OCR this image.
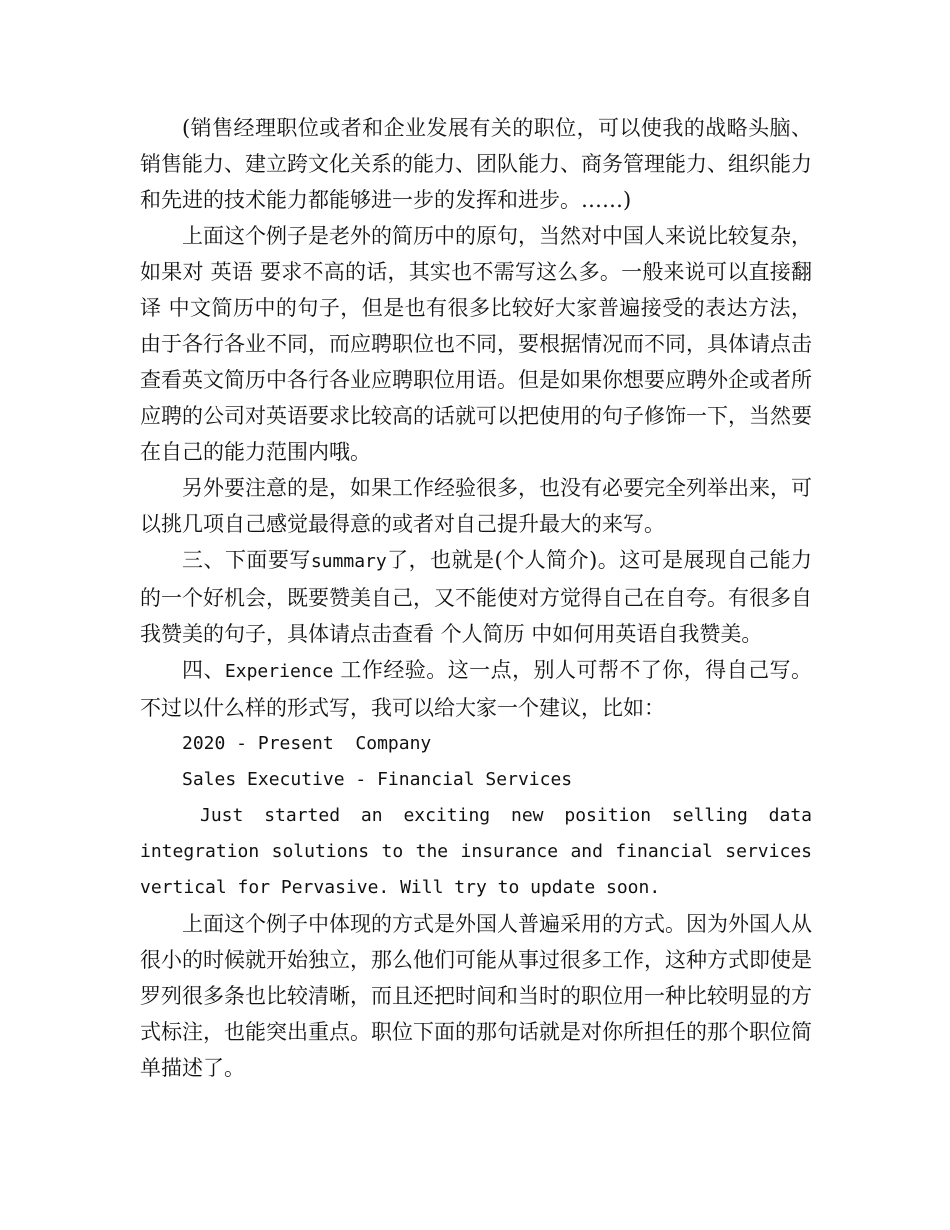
(销售经理职位或者和企业发展有关的职位，可以使我的战略头脑、销售能力、建立跨文化关系的能力、团队能力、商务管理能力、组织能力和先进的技术能力都能够进一步的发挥和进步。……)

上面这个例子是老外的简历中的原句，当然对中国人来说比较复杂，如果对 英语 要求不高的话，其实也不需写这么多。一般来说可以直接翻译 中文简历中的句子，但是也有很多比较好大家普遍接受的表达方法，由于各行各业不同，而应聘职位也不同，要根据情况而不同，具体请点击查看英文简历中各行各业应聘职位用语。但是如果你想要应聘外企或者所应聘的公司对英语要求比较高的话就可以把使用的句子修饰一下，当然要在自己的能力范围内哦。

另外要注意的是，如果工作经验很多，也没有必要完全列举出来，可以挑几项自己感觉最得意的或者对自己提升最大的来写。

三、下面要写summary了，也就是(个人简介)。这可是展现自己能力的一个好机会，既要赞美自己，又不能使对方觉得自己在自夸。有很多自我赞美的句子，具体请点击查看 个人简历 中如何用英语自我赞美。

四、Experience 工作经验。这一点，别人可帮不了你，得自己写。不过以什么样的形式写，我可以给大家一个建议，比如：

2020 - Present  Company

Sales Executive - Financial Services

Just started an exciting new position selling data integration solutions to the insurance and financial services vertical for Pervasive. Will try to update soon.

上面这个例子中体现的方式是外国人普遍采用的方式。因为外国人从很小的时候就开始独立，那么他们可能从事过很多工作，这种方式即使是罗列很多条也比较清晰，而且还把时间和当时的职位用一种比较明显的方式标注，也能突出重点。职位下面的那句话就是对你所担任的那个职位简单描述了。
